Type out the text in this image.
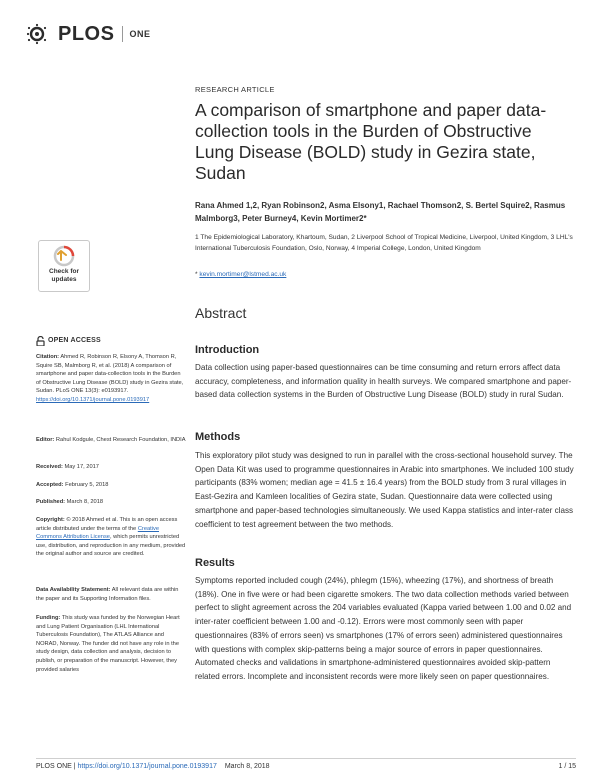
PLOS ONE
RESEARCH ARTICLE
A comparison of smartphone and paper data-collection tools in the Burden of Obstructive Lung Disease (BOLD) study in Gezira state, Sudan
Rana Ahmed 1,2, Ryan Robinson2, Asma Elsony1, Rachael Thomson2, S. Bertel Squire2, Rasmus Malmborg3, Peter Burney4, Kevin Mortimer2*
1 The Epidemiological Laboratory, Khartoum, Sudan, 2 Liverpool School of Tropical Medicine, Liverpool, United Kingdom, 3 LHL's International Tuberculosis Foundation, Oslo, Norway, 4 Imperial College, London, United Kingdom
* kevin.mortimer@lstmed.ac.uk
Abstract
Introduction

Data collection using paper-based questionnaires can be time consuming and return errors affect data accuracy, completeness, and information quality in health surveys. We compared smartphone and paper-based data collection systems in the Burden of Obstructive Lung Disease (BOLD) study in rural Sudan.

Methods

This exploratory pilot study was designed to run in parallel with the cross-sectional household survey. The Open Data Kit was used to programme questionnaires in Arabic into smartphones. We included 100 study participants (83% women; median age = 41.5 ± 16.4 years) from the BOLD study from 3 rural villages in East-Gezira and Kamleen localities of Gezira state, Sudan. Questionnaire data were collected using smartphone and paper-based technologies simultaneously. We used Kappa statistics and inter-rater class coefficient to test agreement between the two methods.

Results

Symptoms reported included cough (24%), phlegm (15%), wheezing (17%), and shortness of breath (18%). One in five were or had been cigarette smokers. The two data collection methods varied between perfect to slight agreement across the 204 variables evaluated (Kappa varied between 1.00 and 0.02 and inter-rater coefficient between 1.00 and -0.12). Errors were most commonly seen with paper questionnaires (83% of errors seen) vs smartphones (17% of errors seen) administered questionnaires with questions with complex skip-patterns being a major source of errors in paper questionnaires. Automated checks and validations in smartphone-administered questionnaires avoided skip-pattern related errors. Incomplete and inconsistent records were more likely seen on paper questionnaires.

Check for
updates
OPEN ACCESS
Citation: Ahmed R, Robinson R, Elsony A, Thomson R, Squire SB, Malmborg R, et al. (2018) A comparison of smartphone and paper data-collection tools in the Burden of Obstructive Lung Disease (BOLD) study in Gezira state, Sudan. PLoS ONE 13(3): e0193917. https://doi.org/10.1371/journal.pone.0193917
Editor: Rahul Kodgule, Chest Research Foundation, INDIA
Received: May 17, 2017
Accepted: February 5, 2018
Published: March 8, 2018
Copyright: © 2018 Ahmed et al. This is an open access article distributed under the terms of the Creative Commons Attribution License, which permits unrestricted use, distribution, and reproduction in any medium, provided the original author and source are credited.
Data Availability Statement: All relevant data are within the paper and its Supporting Information files.
Funding: This study was funded by the Norwegian Heart and Lung Patient Organisation (LHL International Tuberculosis Foundation), The ATLAS Alliance and NORAD, Norway. The funder did not have any role in the study design, data collection and analysis, decision to publish, or preparation of the manuscript. However, they provided salaries
PLOS ONE | https://doi.org/10.1371/journal.pone.0193917 March 8, 2018	1 / 15
